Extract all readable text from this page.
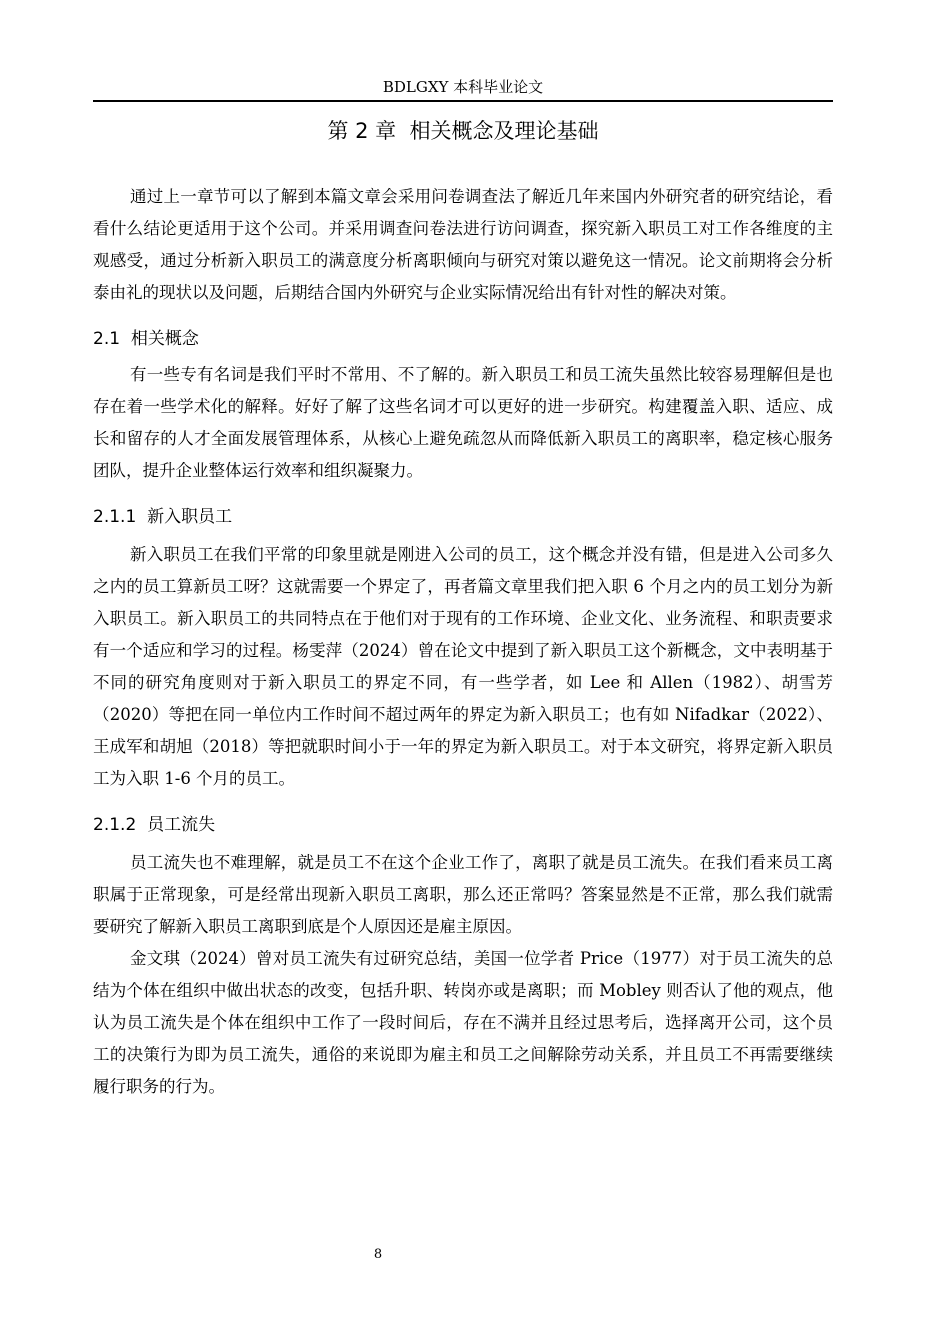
BDLGXY 本科毕业论文
第 2 章  相关概念及理论基础

通过上一章节可以了解到本篇文章会采用问卷调查法了解近几年来国内外研究者的研究结论，看看什么结论更适用于这个公司。并采用调查问卷法进行访问调查，探究新入职员工对工作各维度的主观感受，通过分析新入职员工的满意度分析离职倾向与研究对策以避免这一情况。论文前期将会分析泰由礼的现状以及问题，后期结合国内外研究与企业实际情况给出有针对性的解决对策。

2.1  相关概念

有一些专有名词是我们平时不常用、不了解的。新入职员工和员工流失虽然比较容易理解但是也存在着一些学术化的解释。好好了解了这些名词才可以更好的进一步研究。构建覆盖入职、适应、成长和留存的人才全面发展管理体系，从核心上避免疏忽从而降低新入职员工的离职率，稳定核心服务团队，提升企业整体运行效率和组织凝聚力。

2.1.1  新入职员工

新入职员工在我们平常的印象里就是刚进入公司的员工，这个概念并没有错，但是进入公司多久之内的员工算新员工呀？这就需要一个界定了，再者篇文章里我们把入职 6 个月之内的员工划分为新入职员工。新入职员工的共同特点在于他们对于现有的工作环境、企业文化、业务流程、和职责要求有一个适应和学习的过程。杨雯萍（2024）曾在论文中提到了新入职员工这个新概念，文中表明基于不同的研究角度则对于新入职员工的界定不同，有一些学者，如 Lee 和 Allen（1982）、胡雪芳（2020）等把在同一单位内工作时间不超过两年的界定为新入职员工；也有如 Nifadkar（2022）、王成军和胡旭（2018）等把就职时间小于一年的界定为新入职员工。对于本文研究，将界定新入职员工为入职 1-6 个月的员工。

2.1.2  员工流失

员工流失也不难理解，就是员工不在这个企业工作了，离职了就是员工流失。在我们看来员工离职属于正常现象，可是经常出现新入职员工离职，那么还正常吗？答案显然是不正常，那么我们就需要研究了解新入职员工离职到底是个人原因还是雇主原因。

金文琪（2024）曾对员工流失有过研究总结，美国一位学者 Price（1977）对于员工流失的总结为个体在组织中做出状态的改变，包括升职、转岗亦或是离职；而 Mobley 则否认了他的观点，他认为员工流失是个体在组织中工作了一段时间后，存在不满并且经过思考后，选择离开公司，这个员工的决策行为即为员工流失，通俗的来说即为雇主和员工之间解除劳动关系，并且员工不再需要继续履行职务的行为。

8
